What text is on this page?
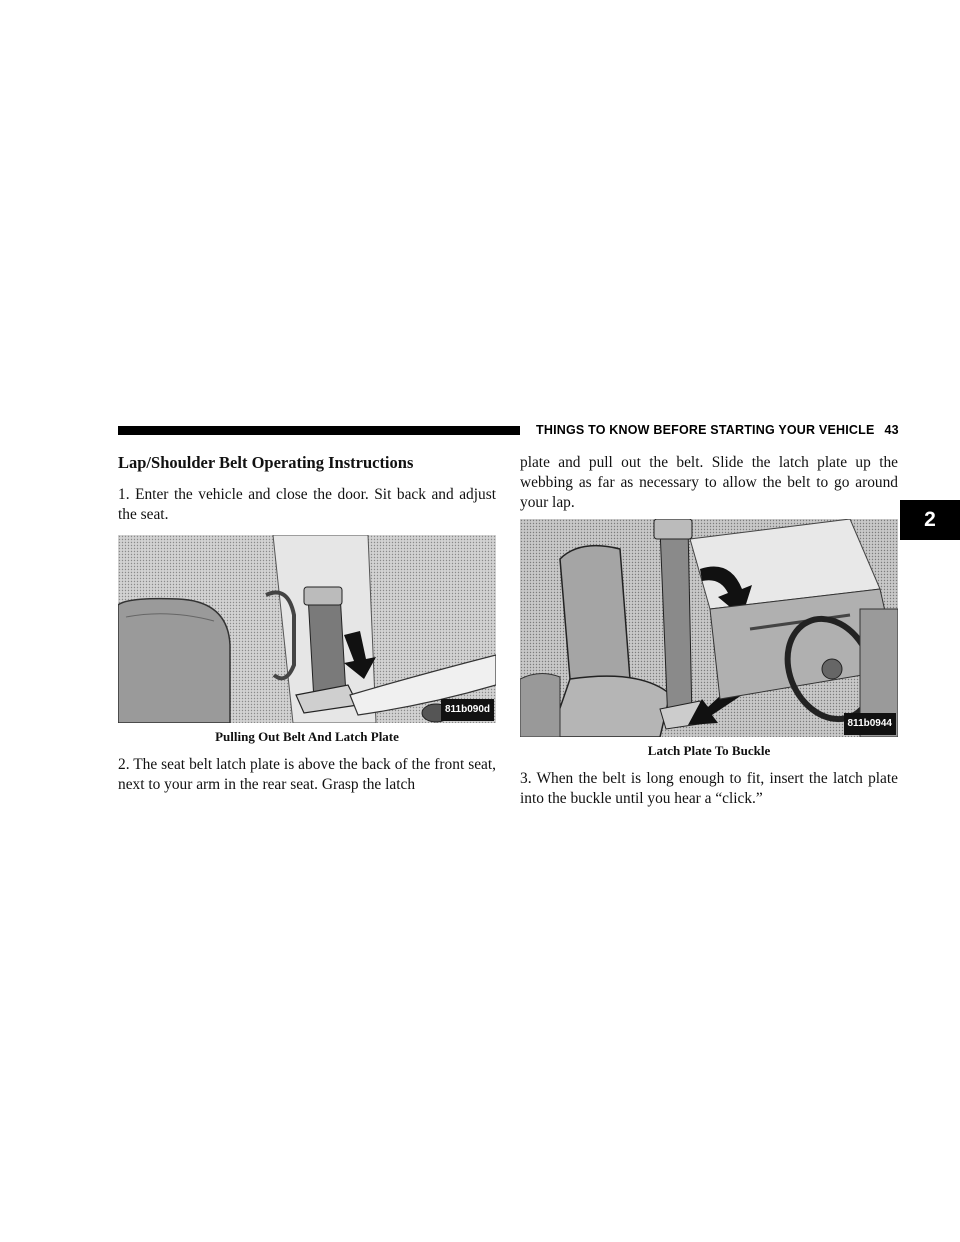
THINGS TO KNOW BEFORE STARTING YOUR VEHICLE 43
2

Lap/Shoulder Belt Operating Instructions

1. Enter the vehicle and close the door. Sit back and adjust the seat.

811b090d

Pulling Out Belt And Latch Plate

2. The seat belt latch plate is above the back of the front seat, next to your arm in the rear seat. Grasp the latch

plate and pull out the belt. Slide the latch plate up the webbing as far as necessary to allow the belt to go around your lap.

811b0944

Latch Plate To Buckle

3. When the belt is long enough to fit, insert the latch plate into the buckle until you hear a “click.”
